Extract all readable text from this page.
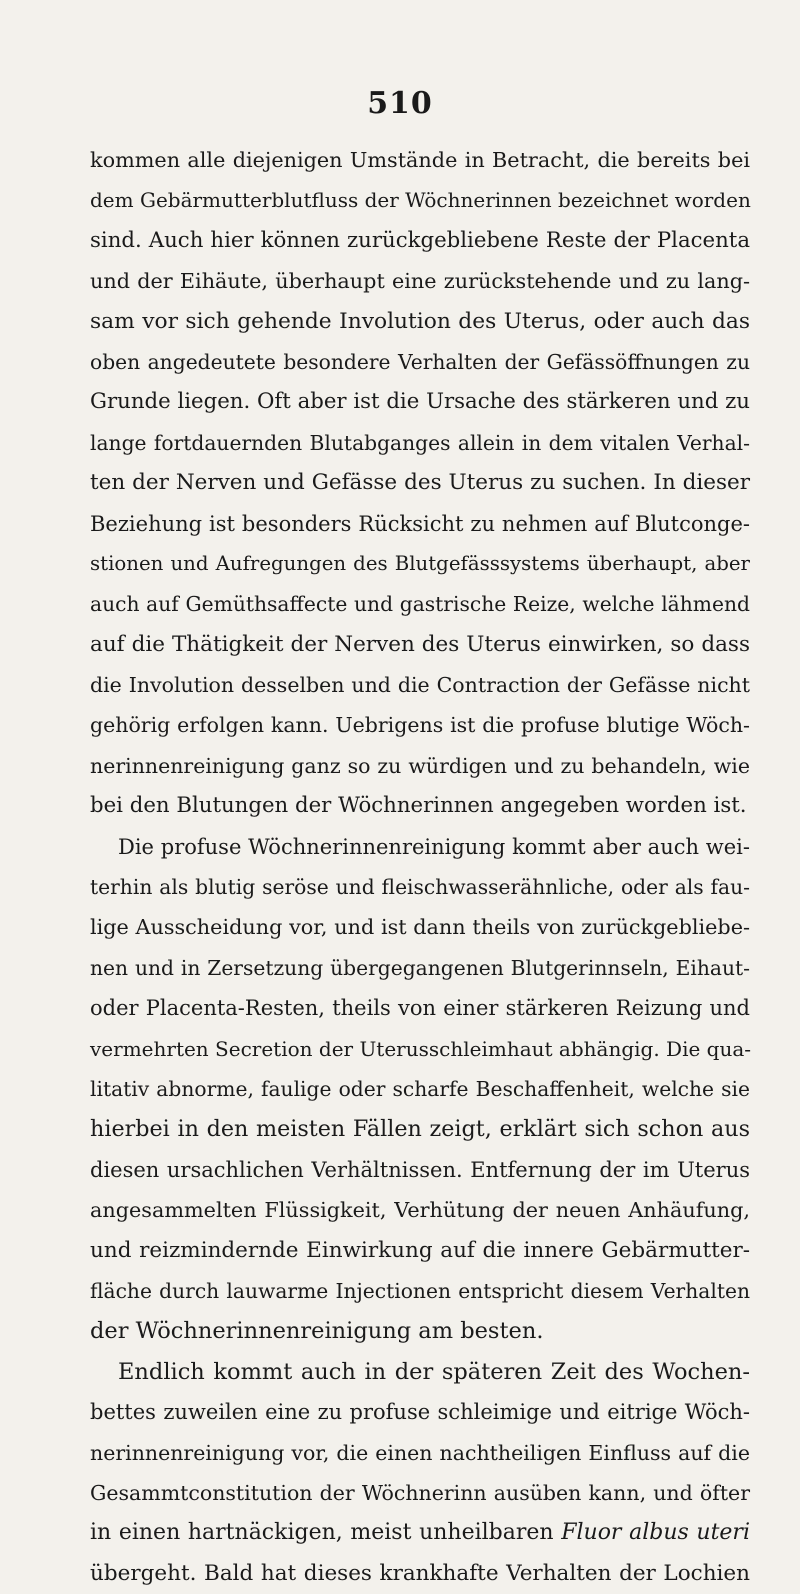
510
kommen alle diejenigen Umstände in Betracht, die bereits bei
dem Gebärmutterblutfluss der Wöchnerinnen bezeichnet worden
sind. Auch hier können zurückgebliebene Reste der Placenta
und der Eihäute, überhaupt eine zurückstehende und zu lang-
sam vor sich gehende Involution des Uterus, oder auch das
oben angedeutete besondere Verhalten der Gefässöffnungen zu
Grunde liegen. Oft aber ist die Ursache des stärkeren und zu
lange fortdauernden Blutabganges allein in dem vitalen Verhal-
ten der Nerven und Gefässe des Uterus zu suchen. In dieser
Beziehung ist besonders Rücksicht zu nehmen auf Blutconge-
stionen und Aufregungen des Blutgefässsystems überhaupt, aber
auch auf Gemüthsaffecte und gastrische Reize, welche lähmend
auf die Thätigkeit der Nerven des Uterus einwirken, so dass
die Involution desselben und die Contraction der Gefässe nicht
gehörig erfolgen kann. Uebrigens ist die profuse blutige Wöch-
nerinnenreinigung ganz so zu würdigen und zu behandeln, wie
bei den Blutungen der Wöchnerinnen angegeben worden ist.
Die profuse Wöchnerinnenreinigung kommt aber auch wei-
terhin als blutig seröse und fleischwasserähnliche, oder als fau-
lige Ausscheidung vor, und ist dann theils von zurückgebliebe-
nen und in Zersetzung übergegangenen Blutgerinnseln, Eihaut-
oder Placenta-Resten, theils von einer stärkeren Reizung und
vermehrten Secretion der Uterusschleimhaut abhängig. Die qua-
litativ abnorme, faulige oder scharfe Beschaffenheit, welche sie
hierbei in den meisten Fällen zeigt, erklärt sich schon aus
diesen ursachlichen Verhältnissen. Entfernung der im Uterus
angesammelten Flüssigkeit, Verhütung der neuen Anhäufung,
und reizmindernde Einwirkung auf die innere Gebärmutter-
fläche durch lauwarme Injectionen entspricht diesem Verhalten
der Wöchnerinnenreinigung am besten.
Endlich kommt auch in der späteren Zeit des Wochen-
bettes zuweilen eine zu profuse schleimige und eitrige Wöch-
nerinnenreinigung vor, die einen nachtheiligen Einfluss auf die
Gesammtconstitution der Wöchnerinn ausüben kann, und öfter
in einen hartnäckigen, meist unheilbaren Fluor albus uteri
übergeht. Bald hat dieses krankhafte Verhalten der Lochien
